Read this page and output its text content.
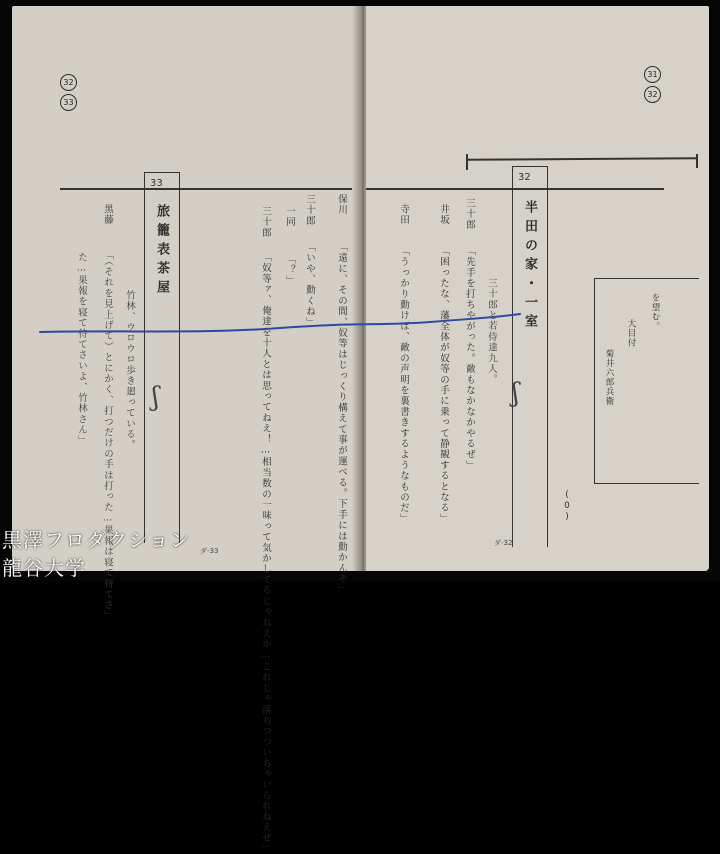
32
33
33
旅籠表茶屋
ʃ
保川
「遠に、その間、奴等はじっくり構えて事が運べる。下手には動かんぞ」
三十郎
「いや、動くね」
一同
「？」
三十郎
「奴等ァ、俺達を十人とは思ってねえ！…相当数の一味って気かしてるじゃねえか…これじゃ落ちつついちゃいられねえぜ」
竹林、ウロウロ歩き廻っている。
黒藤
「（それを見上げて）とにかく、打つだけの手は打った…果報は寝て待てさ」
た…果報を寝て待てさいよ、竹林さん」
ダ-33
31
32
32
半田の家・一室
ʃ
三十郎と若侍達九人。
三十郎
「先手を打ちやがった。敵もなかなかやるぜ」
井坂
「困ったな、藩全体が奴等の手に乗って静観するとなる」
寺田
「うっかり動けば、敵の声明を裏書きするようなものだ」	を望む。
大目付
菊井六郎兵衛
(0)
ダ-32
黒澤フロダクション
龍谷大学
